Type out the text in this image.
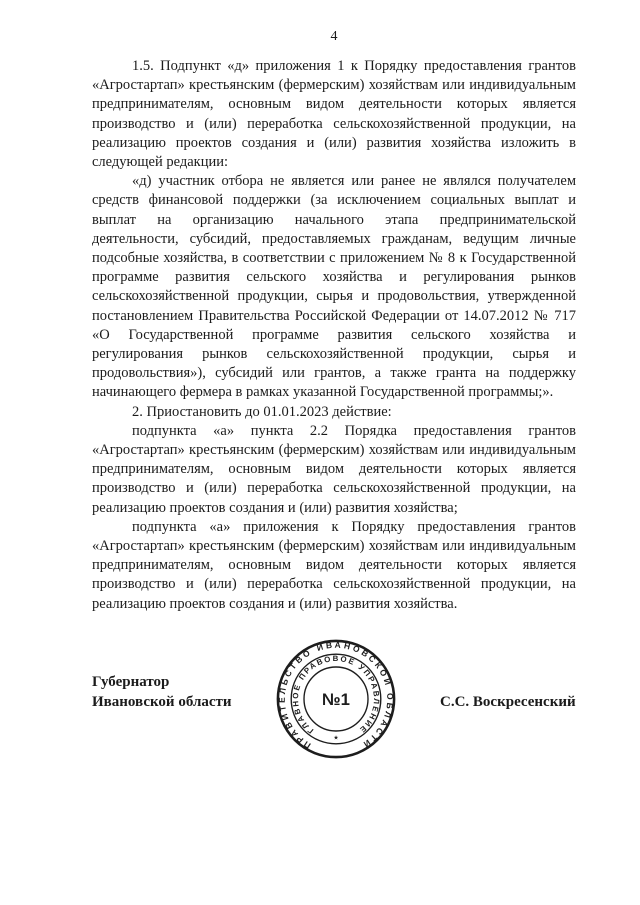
4

1.5. Подпункт «д» приложения 1 к Порядку предоставления грантов «Агростартап» крестьянским (фермерским) хозяйствам или индивидуальным предпринимателям, основным видом деятельности которых является производство и (или) переработка сельскохозяйственной продукции, на реализацию проектов создания и (или) развития хозяйства изложить в следующей редакции:

«д) участник отбора не является или ранее не являлся получателем средств финансовой поддержки (за исключением социальных выплат и выплат на организацию начального этапа предпринимательской деятельности, субсидий, предоставляемых гражданам, ведущим личные подсобные хозяйства, в соответствии с приложением № 8 к Государственной программе развития сельского хозяйства и регулирования рынков сельскохозяйственной продукции, сырья и продовольствия, утвержденной постановлением Правительства Российской Федерации от 14.07.2012 № 717 «О Государственной программе развития сельского хозяйства и регулирования рынков сельскохозяйственной продукции, сырья и продовольствия»), субсидий или грантов, а также гранта на поддержку начинающего фермера в рамках указанной Государственной программы;».

2. Приостановить до 01.01.2023 действие:

подпункта «а» пункта 2.2 Порядка предоставления грантов «Агростартап» крестьянским (фермерским) хозяйствам или индивидуальным предпринимателям, основным видом деятельности которых является производство и (или) переработка сельскохозяйственной продукции, на реализацию проектов создания и (или) развития хозяйства;

подпункта «а» приложения к Порядку предоставления грантов «Агростартап» крестьянским (фермерским) хозяйствам или индивидуальным предпринимателям, основным видом деятельности которых является производство и (или) переработка сельскохозяйственной продукции, на реализацию проектов создания и (или) развития хозяйства.

Губернатор
Ивановской области
ПРАВИТЕЛЬСТВО ИВАНОВСКОЙ ОБЛАСТИ
ГЛАВНОЕ ПРАВОВОЕ УПРАВЛЕНИЕ
№1
★
С.С. Воскресенский
